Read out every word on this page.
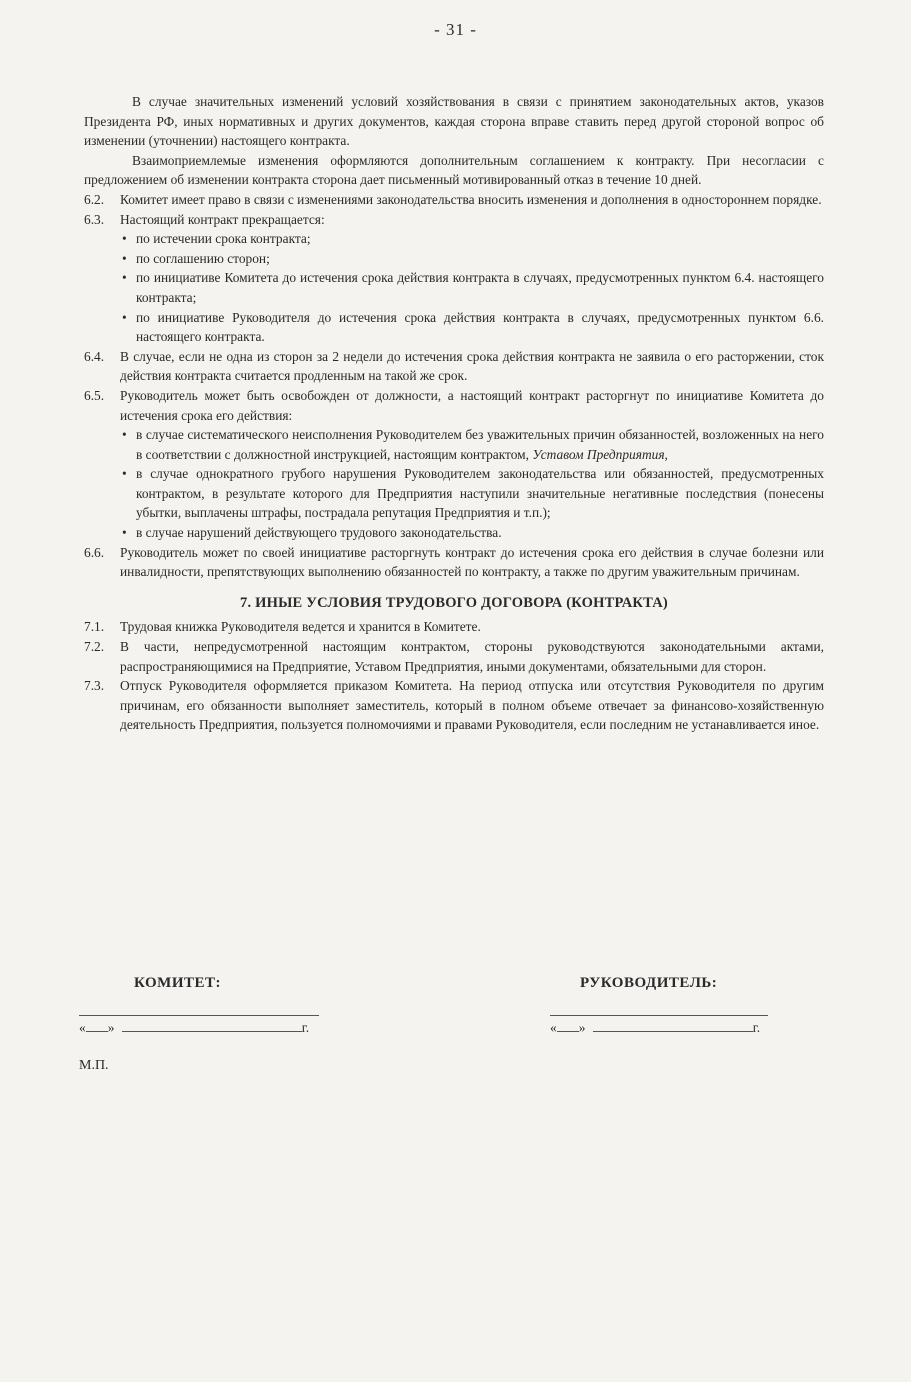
- 31 -

В случае значительных изменений условий хозяйствования в связи с принятием законодательных актов, указов Президента РФ, иных нормативных и других документов, каждая сторона вправе ставить перед другой стороной вопрос об изменении (уточнении) настоящего контракта.

Взаимоприемлемые изменения оформляются дополнительным соглашением к контракту. При несогласии с предложением об изменении контракта сторона дает письменный мотивированный отказ в течение 10 дней.

6.2. Комитет имеет право в связи с изменениями законодательства вносить изменения и дополнения в одностороннем порядке.
6.3. Настоящий контракт прекращается:
• по истечении срока контракта;
• по соглашению сторон;
• по инициативе Комитета до истечения срока действия контракта в случаях, предусмотренных пунктом 6.4. настоящего контракта;
• по инициативе Руководителя до истечения срока действия контракта в случаях, предусмотренных пунктом 6.6. настоящего контракта.
6.4. В случае, если не одна из сторон за 2 недели до истечения срока действия контракта не заявила о его расторжении, сток действия контракта считается продленным на такой же срок.
6.5. Руководитель может быть освобожден от должности, а настоящий контракт расторгнут по инициативе Комитета до истечения срока его действия:
• в случае систематического неисполнения Руководителем без уважительных причин обязанностей, возложенных на него в соответствии с должностной инструкцией, настоящим контрактом, Уставом Предприятия,
• в случае однократного грубого нарушения Руководителем законодательства или обязанностей, предусмотренных контрактом, в результате которого для Предприятия наступили значительные негативные последствия (понесены убытки, выплачены штрафы, пострадала репутация Предприятия и т.п.);
• в случае нарушений действующего трудового законодательства.
6.6. Руководитель может по своей инициативе расторгнуть контракт до истечения срока его действия в случае болезни или инвалидности, препятствующих выполнению обязанностей по контракту, а также по другим уважительным причинам.
7. ИНЫЕ УСЛОВИЯ ТРУДОВОГО ДОГОВОРА (КОНТРАКТА)
7.1. Трудовая книжка Руководителя ведется и хранится в Комитете.
7.2. В части, непредусмотренной настоящим контрактом, стороны руководствуются законодательными актами, распространяющимися на Предприятие, Уставом Предприятия, иными документами, обязательными для сторон.
7.3. Отпуск Руководителя оформляется приказом Комитета. На период отпуска или отсутствия Руководителя по другим причинам, его обязанности выполняет заместитель, который в полном объеме отвечает за финансово-хозяйственную деятельность Предприятия, пользуется полномочиями и правами Руководителя, если последним не устанавливается иное.
КОМИТЕТ:	РУКОВОДИТЕЛЬ:
« »	г.	« »	г.
М.П.
